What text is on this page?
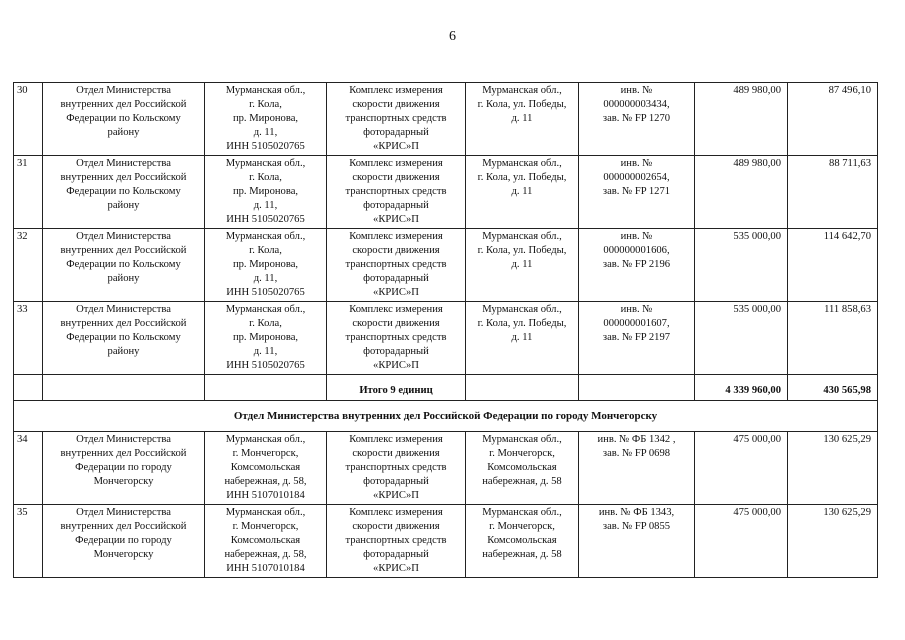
6
30	Отдел Министерства
внутренних дел Российской
Федерации по Кольскому
району	Мурманская обл.,
г. Кола,
пр. Миронова,
д. 11,
ИНН 5105020765	Комплекс измерения
скорости движения
транспортных средств
фоторадарный
«КРИС»П	Мурманская обл.,
г. Кола, ул. Победы,
д. 11	инв. №
000000003434,
зав. № FP 1270	489 980,00	87 496,10
31	Отдел Министерства
внутренних дел Российской
Федерации по Кольскому
району	Мурманская обл.,
г. Кола,
пр. Миронова,
д. 11,
ИНН 5105020765	Комплекс измерения
скорости движения
транспортных средств
фоторадарный
«КРИС»П	Мурманская обл.,
г. Кола, ул. Победы,
д. 11	инв. №
000000002654,
зав. № FP 1271	489 980,00	88 711,63
32	Отдел Министерства
внутренних дел Российской
Федерации по Кольскому
району	Мурманская обл.,
г. Кола,
пр. Миронова,
д. 11,
ИНН 5105020765	Комплекс измерения
скорости движения
транспортных средств
фоторадарный
«КРИС»П	Мурманская обл.,
г. Кола, ул. Победы,
д. 11	инв. №
000000001606,
зав. № FP 2196	535 000,00	114 642,70
33	Отдел Министерства
внутренних дел Российской
Федерации по Кольскому
району	Мурманская обл.,
г. Кола,
пр. Миронова,
д. 11,
ИНН 5105020765	Комплекс измерения
скорости движения
транспортных средств
фоторадарный
«КРИС»П	Мурманская обл.,
г. Кола, ул. Победы,
д. 11	инв. №
000000001607,
зав. № FP 2197	535 000,00	111 858,63
			Итого 9 единиц			4 339 960,00	430 565,98
Отдел Министерства внутренних дел Российской Федерации по городу Мончегорску							
34	Отдел Министерства
внутренних дел Российской
Федерации по городу
Мончегорску	Мурманская обл.,
г. Мончегорск,
Комсомольская
набережная, д. 58,
ИНН 5107010184	Комплекс измерения
скорости движения
транспортных средств
фоторадарный
«КРИС»П	Мурманская обл.,
г. Мончегорск,
Комсомольская
набережная, д. 58	инв. № ФБ 1342 ,
зав. № FP 0698	475 000,00	130 625,29
35	Отдел Министерства
внутренних дел Российской
Федерации по городу
Мончегорску	Мурманская обл.,
г. Мончегорск,
Комсомольская
набережная, д. 58,
ИНН 5107010184	Комплекс измерения
скорости движения
транспортных средств
фоторадарный
«КРИС»П	Мурманская обл.,
г. Мончегорск,
Комсомольская
набережная, д. 58	инв. № ФБ 1343,
зав. № FP 0855	475 000,00	130 625,29
